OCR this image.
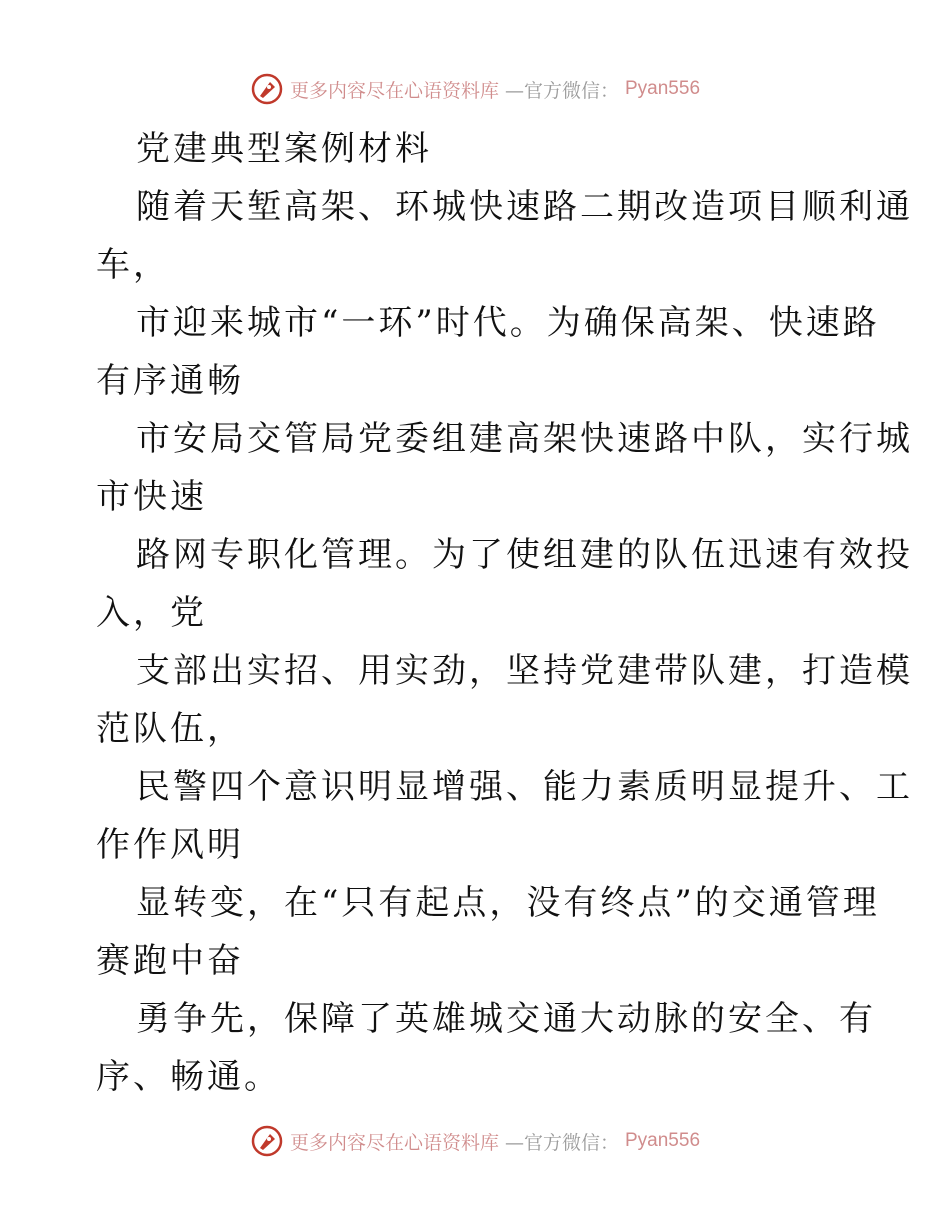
更多内容尽在心语资料库 —官方微信： Pyan556
党建典型案例材料
随着天堑高架、环城快速路二期改造项目顺利通
车，
市迎来城市“一环”时代。为确保高架、快速路
有序通畅
市安局交管局党委组建高架快速路中队，实行城
市快速
路网专职化管理。为了使组建的队伍迅速有效投
入，党
支部出实招、用实劲，坚持党建带队建，打造模
范队伍，
民警四个意识明显增强、能力素质明显提升、工
作作风明
显转变，在“只有起点，没有终点”的交通管理
赛跑中奋
勇争先，保障了英雄城交通大动脉的安全、有
序、畅通。
更多内容尽在心语资料库 —官方微信： Pyan556
